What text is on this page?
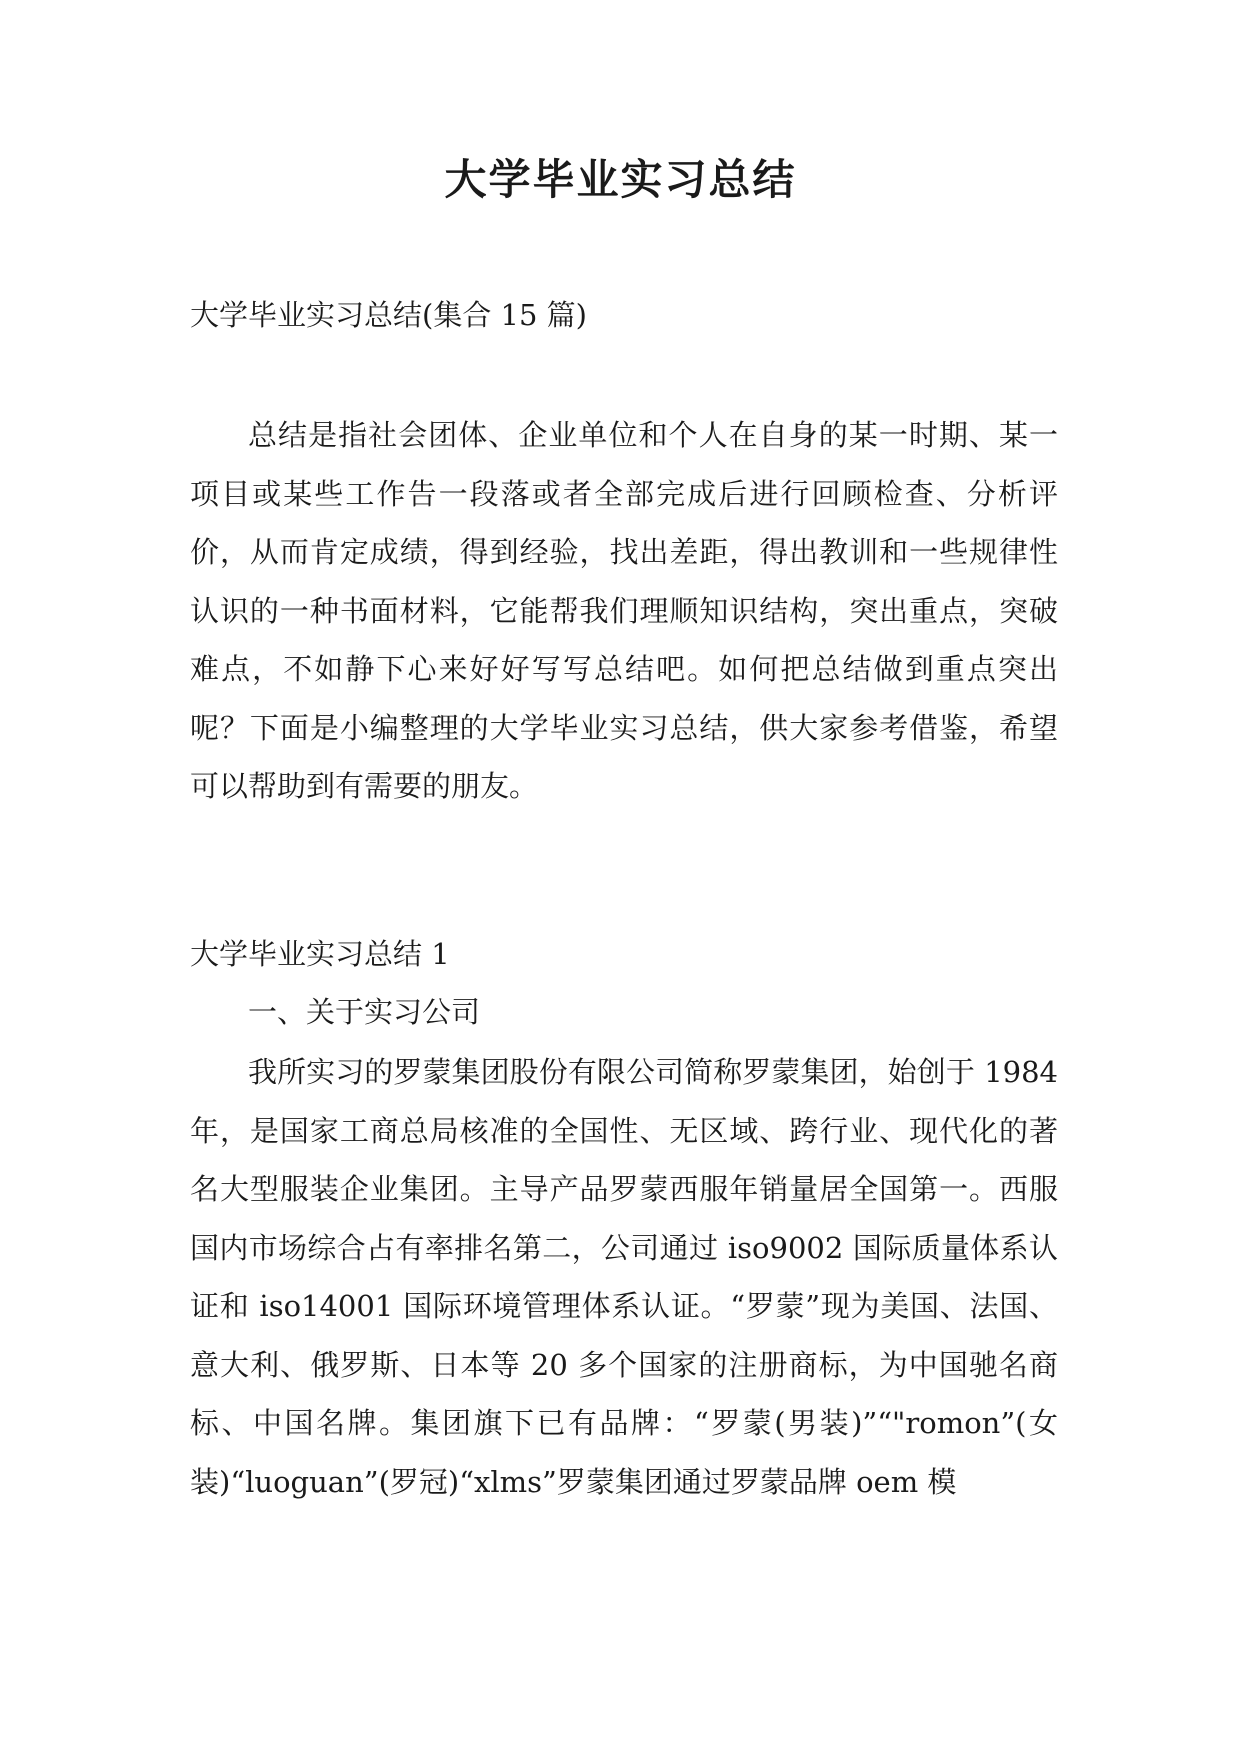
大学毕业实习总结

大学毕业实习总结(集合 15 篇)

总结是指社会团体、企业单位和个人在自身的某一时期、某一项目或某些工作告一段落或者全部完成后进行回顾检查、分析评价，从而肯定成绩，得到经验，找出差距，得出教训和一些规律性认识的一种书面材料，它能帮我们理顺知识结构，突出重点，突破难点，不如静下心来好好写写总结吧。如何把总结做到重点突出呢？下面是小编整理的大学毕业实习总结，供大家参考借鉴，希望可以帮助到有需要的朋友。

大学毕业实习总结 1

一、关于实习公司

我所实习的罗蒙集团股份有限公司简称罗蒙集团，始创于 1984 年，是国家工商总局核准的全国性、无区域、跨行业、现代化的著名大型服装企业集团。主导产品罗蒙西服年销量居全国第一。西服国内市场综合占有率排名第二，公司通过 iso9002 国际质量体系认证和 iso14001 国际环境管理体系认证。“罗蒙”现为美国、法国、意大利、俄罗斯、日本等 20 多个国家的注册商标，为中国驰名商标、中国名牌。集团旗下已有品牌：“罗蒙(男装)”“"romon”(女装)“luoguan”(罗冠)“xlms”罗蒙集团通过罗蒙品牌 oem 模
